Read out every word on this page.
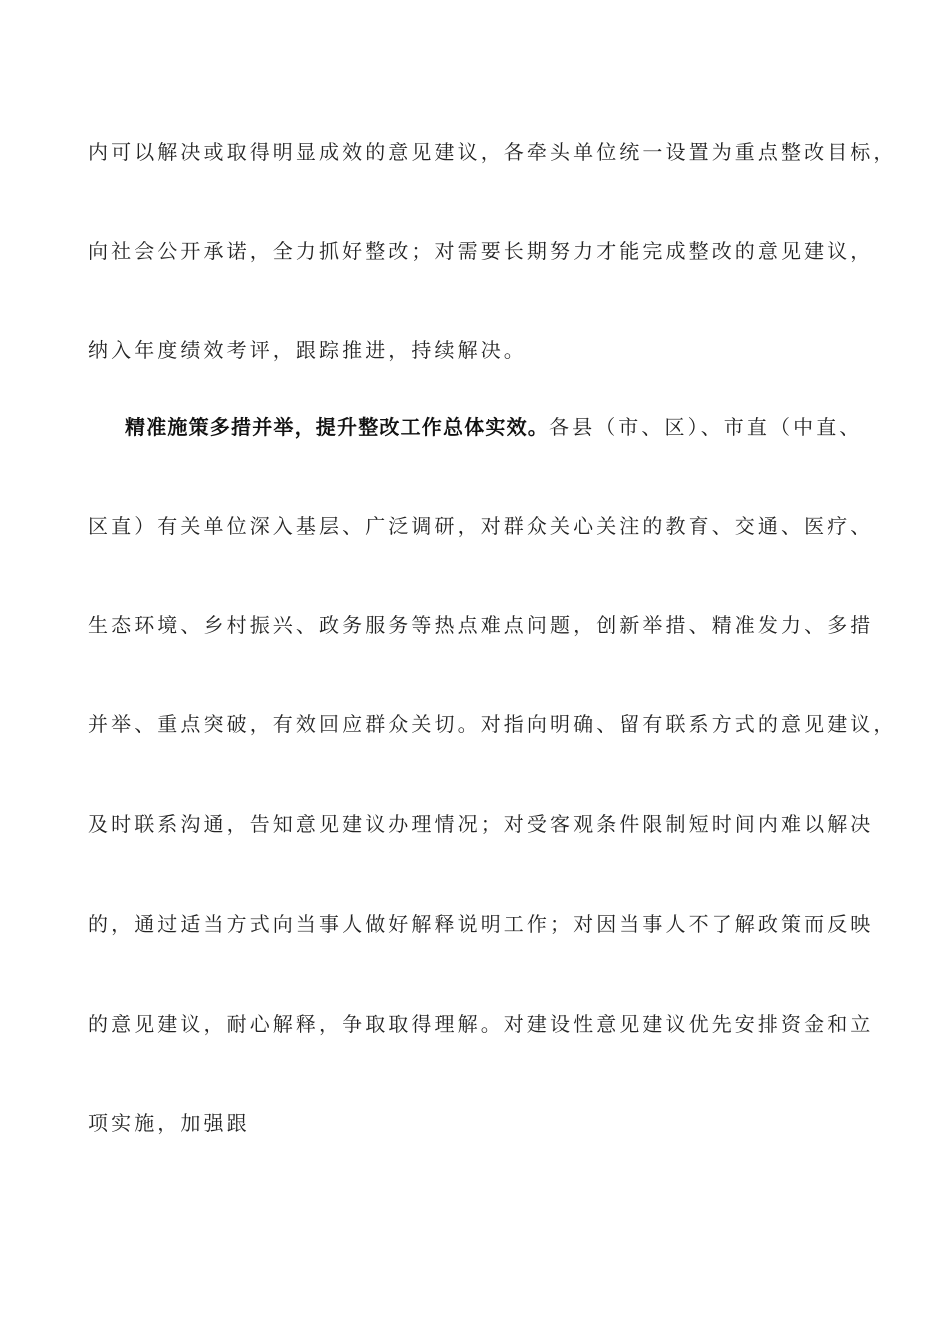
内可以解决或取得明显成效的意见建议，各牵头单位统一设置为重点整改目标，
向社会公开承诺，全力抓好整改；对需要长期努力才能完成整改的意见建议，
纳入年度绩效考评，跟踪推进，持续解决。
精准施策多措并举，提升整改工作总体实效。各县（市、区）、市直（中直、
区直）有关单位深入基层、广泛调研，对群众关心关注的教育、交通、医疗、
生态环境、乡村振兴、政务服务等热点难点问题，创新举措、精准发力、多措
并举、重点突破，有效回应群众关切。对指向明确、留有联系方式的意见建议，
及时联系沟通，告知意见建议办理情况；对受客观条件限制短时间内难以解决
的，通过适当方式向当事人做好解释说明工作；对因当事人不了解政策而反映
的意见建议，耐心解释，争取取得理解。对建设性意见建议优先安排资金和立
项实施，加强跟
